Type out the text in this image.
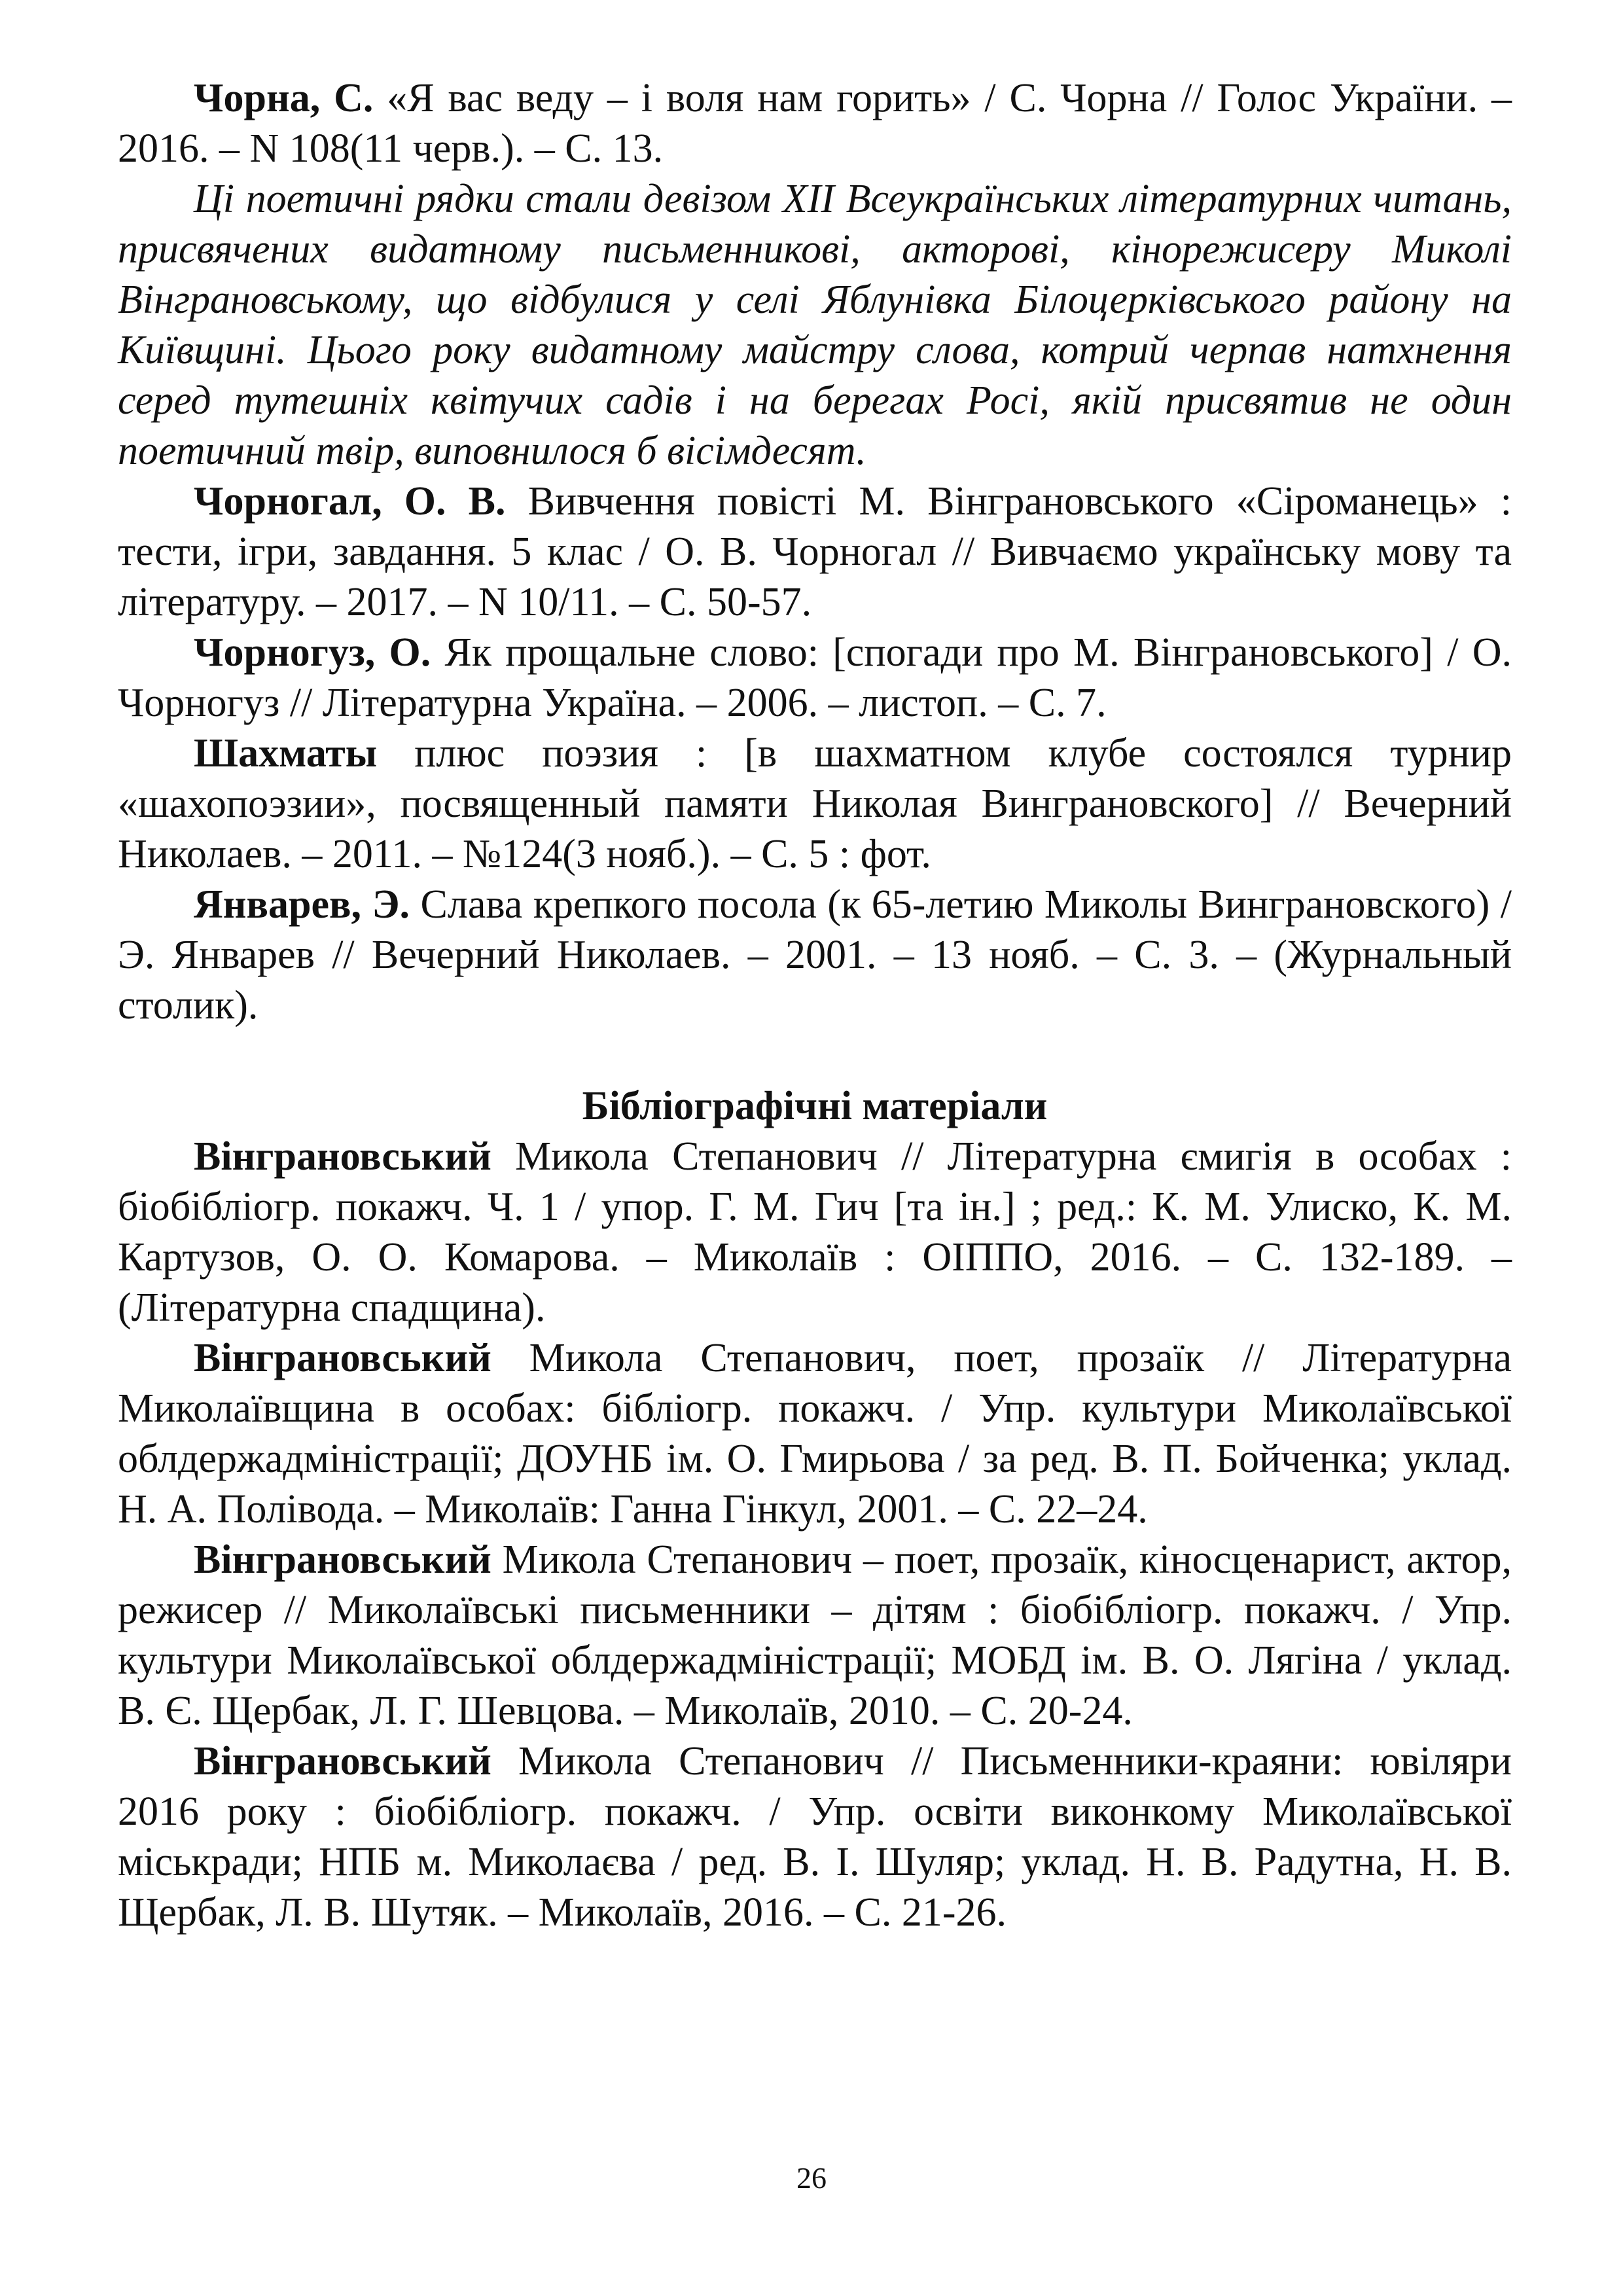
Чорна, С. «Я вас веду – і воля нам горить» / С. Чорна // Голос України. – 2016. – N 108(11 черв.). – С. 13.

Ці поетичні рядки стали девізом XII Всеукраїнських літературних читань, присвячених видатному письменникові, акторові, кінорежисеру Миколі Вінграновському, що відбулися у селі Яблунівка Білоцерківського району на Київщині. Цього року видатному майстру слова, котрий черпав натхнення серед тутешніх квітучих садів і на берегах Росі, якій присвятив не один поетичний твір, виповнилося б вісімдесят.

Чорногал, О. В. Вивчення повісті М. Вінграновського «Сіроманець» : тести, ігри, завдання. 5 клас / О. В. Чорногал // Вивчаємо українську мову та літературу. – 2017. – N 10/11. – С. 50-57.

Чорногуз, О. Як прощальне слово: [спогади про М. Вінграновського] / О. Чорногуз // Літературна Україна. – 2006. – листоп. – С. 7.

Шахматы плюс поэзия : [в шахматном клубе состоялся турнир «шахопоэзии», посвященный памяти Николая Винграновского] // Вечерний Николаев. – 2011. – №124(3 нояб.). – С. 5 : фот.

Январев, Э. Слава крепкого посола (к 65-летию Миколы Винграновского) / Э. Январев // Вечерний Николаев. – 2001. – 13 нояб. – С. 3. – (Журнальный столик).

Бібліографічні матеріали

Вінграновський Микола Степанович // Літературна ємигія в особах : біобібліогр. покажч. Ч. 1 / упор. Г. М. Гич [та ін.] ; ред.: К. М. Улиско, К. М. Картузов, О. О. Комарова. – Миколаїв : ОІППО, 2016. – С. 132-189. – (Літературна спадщина).

Вінграновський Микола Степанович, поет, прозаїк // Літературна Миколаївщина в особах: бібліогр. покажч. / Упр. культури Миколаївської облдержадміністрації; ДОУНБ ім. О. Гмирьова / за ред. В. П. Бойченка; уклад. Н. А. Полівода. – Миколаїв: Ганна Гінкул, 2001. – С. 22–24.

Вінграновський Микола Степанович – поет, прозаїк, кіносценарист, актор, режисер // Миколаївські письменники – дітям : біобібліогр. покажч. / Упр. культури Миколаївської облдержадміністрації; МОБД ім. В. О. Лягіна / уклад. В. Є. Щербак, Л. Г. Шевцова. – Миколаїв, 2010. – С. 20-24.

Вінграновський Микола Степанович // Письменники-краяни: ювіляри 2016 року : біобібліогр. покажч. / Упр. освіти виконкому Миколаївської міськради; НПБ м. Миколаєва / ред. В. І. Шуляр; уклад. Н. В. Радутна, Н. В. Щербак, Л. В. Шутяк. – Миколаїв, 2016. – С. 21-26.

26
